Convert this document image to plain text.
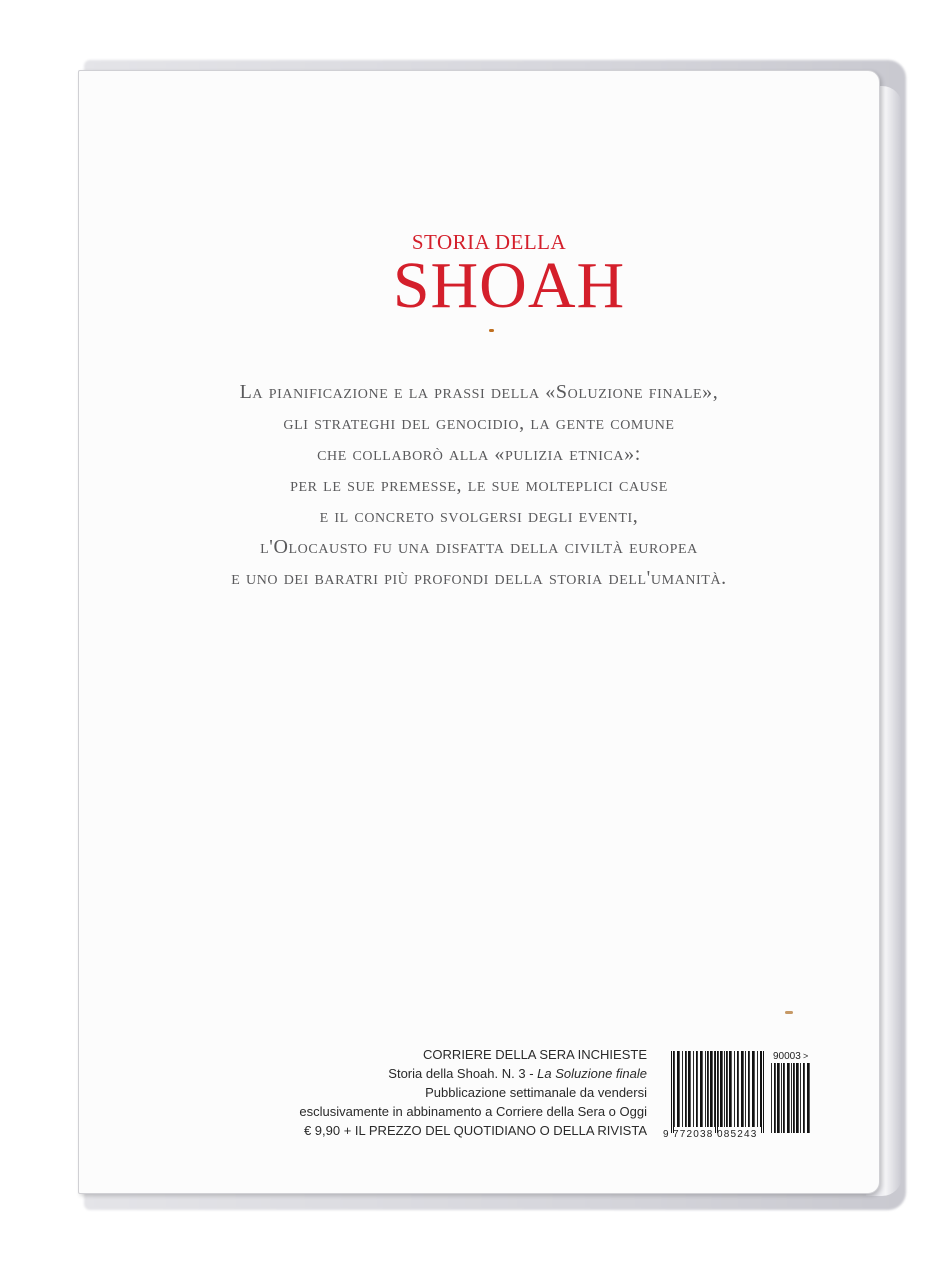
STORIA DELLA
SHOAH
La pianificazione e la prassi della «Soluzione finale»,
gli strateghi del genocidio, la gente comune
che collaborò alla «pulizia etnica»:
per le sue premesse, le sue molteplici cause
e il concreto svolgersi degli eventi,
l'Olocausto fu una disfatta della civiltà europea
e uno dei baratri più profondi della storia dell'umanità.
CORRIERE DELLA SERA INCHIESTE
Storia della Shoah. N. 3 - La Soluzione finale
Pubblicazione settimanale da vendersi
esclusivamente in abbinamento a Corriere della Sera o Oggi
€ 9,90 + IL PREZZO DEL QUOTIDIANO O DELLA RIVISTA
90003 >
9 772038 085243
